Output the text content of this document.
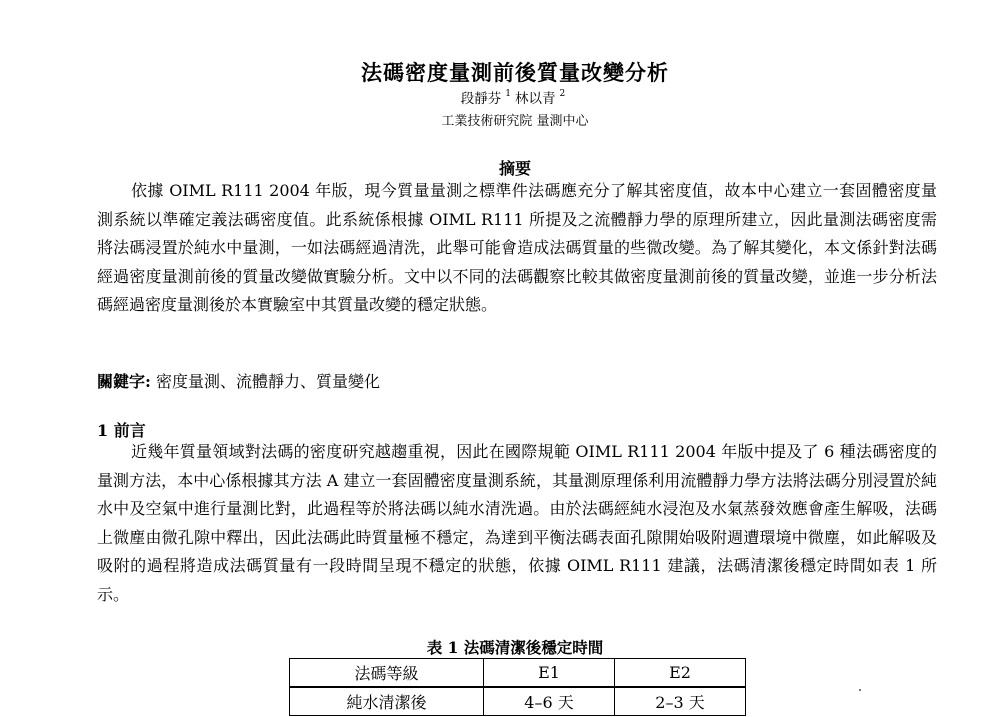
法碼密度量測前後質量改變分析
段靜芬 $^1$ 林以青 $^2$
工業技術研究院 量測中心
摘要

依據 OIML R111 2004 年版，現今質量量測之標準件法碼應充分了解其密度值，故本中心建立一套固體密度量測系統以準確定義法碼密度值。此系統係根據 OIML R111 所提及之流體靜力學的原理所建立，因此量測法碼密度需將法碼浸置於純水中量測，一如法碼經過清洗，此舉可能會造成法碼質量的些微改變。為了解其變化，本文係針對法碼經過密度量測前後的質量改變做實驗分析。文中以不同的法碼觀察比較其做密度量測前後的質量改變，並進一步分析法碼經過密度量測後於本實驗室中其質量改變的穩定狀態。

關鍵字: 密度量測、流體靜力、質量變化
1 前言

近幾年質量領域對法碼的密度研究越趨重視，因此在國際規範 OIML R111 2004 年版中提及了 6 種法碼密度的量測方法，本中心係根據其方法 A 建立一套固體密度量測系統，其量測原理係利用流體靜力學方法將法碼分別浸置於純水中及空氣中進行量測比對，此過程等於將法碼以純水清洗過。由於法碼經純水浸泡及水氣蒸發效應會產生解吸，法碼上微塵由微孔隙中釋出，因此法碼此時質量極不穩定，為達到平衡法碼表面孔隙開始吸附週遭環境中微塵，如此解吸及吸附的過程將造成法碼質量有一段時間呈現不穩定的狀態，依據 OIML R111 建議，法碼清潔後穩定時間如表 1 所示。

表 1 法碼清潔後穩定時間
法碼等級	E1	E2
純水清潔後	4–6 天	2–3 天
